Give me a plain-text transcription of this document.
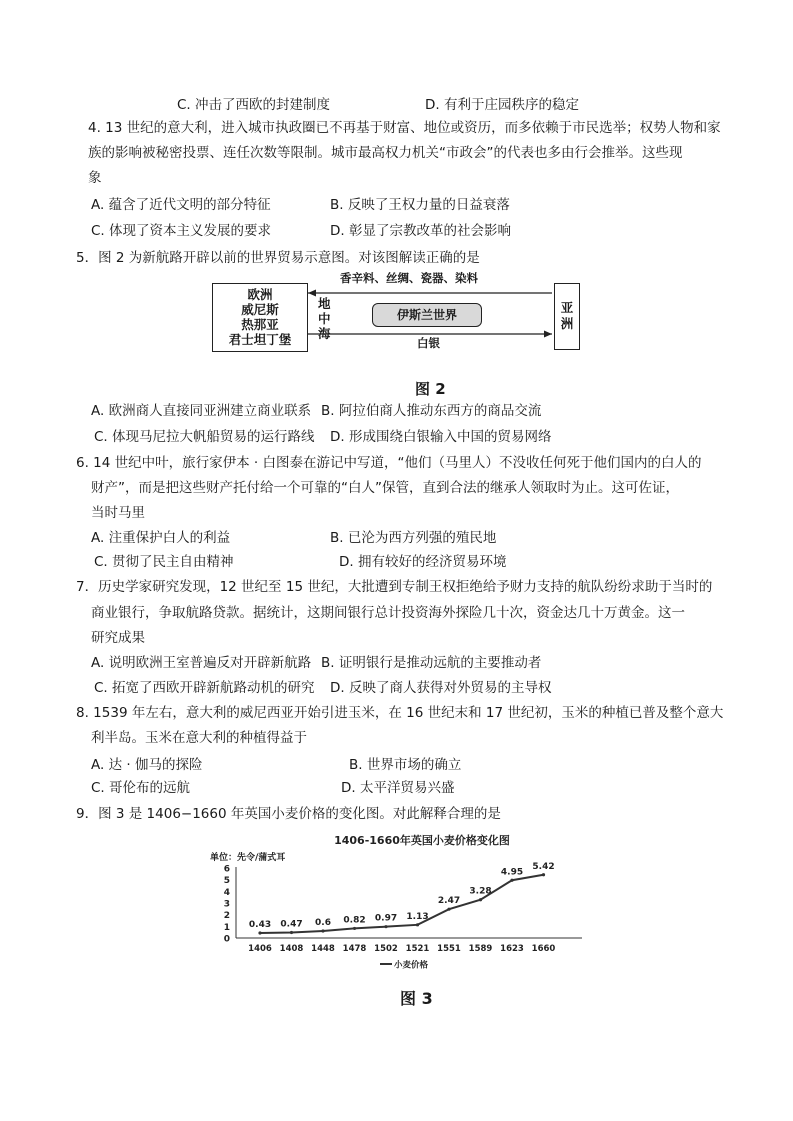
C. 冲击了西欧的封建制度	D. 有利于庄园秩序的稳定
4. 13 世纪的意大利，进入城市执政圈已不再基于财富、地位或资历，而多依赖于市民选举；权势人物和家
族的影响被秘密投票、连任次数等限制。城市最高权力机关“市政会”的代表也多由行会推举。这些现
象
A. 蕴含了近代文明的部分特征	B. 反映了王权力量的日益衰落
C. 体现了资本主义发展的要求	D. 彰显了宗教改革的社会影响
5．图 2 为新航路开辟以前的世界贸易示意图。对该图解读正确的是
欧洲
威尼斯
热那亚
君士坦丁堡
地
中
海
伊斯兰世界	亚
洲
香辛料、丝绸、瓷器、染料
白银
图 2
A. 欧洲商人直接同亚洲建立商业联系 B. 阿拉伯商人推动东西方的商品交流
C. 体现马尼拉大帆船贸易的运行路线 D. 形成围绕白银输入中国的贸易网络
6. 14 世纪中叶，旅行家伊本 · 白图泰在游记中写道，“他们（马里人）不没收任何死于他们国内的白人的
财产”，而是把这些财产托付给一个可靠的“白人”保管，直到合法的继承人领取时为止。这可佐证，
当时马里
A. 注重保护白人的利益	B. 已沦为西方列强的殖民地
C. 贯彻了民主自由精神	D. 拥有较好的经济贸易环境
7．历史学家研究发现，12 世纪至 15 世纪，大批遭到专制王权拒绝给予财力支持的航队纷纷求助于当时的
商业银行，争取航路贷款。据统计，这期间银行总计投资海外探险几十次，资金达几十万黄金。这一
研究成果
A. 说明欧洲王室普遍反对开辟新航路 B. 证明银行是推动远航的主要推动者
C. 拓宽了西欧开辟新航路动机的研究 D. 反映了商人获得对外贸易的主导权
8. 1539 年左右，意大利的威尼西亚开始引进玉米，在 16 世纪末和 17 世纪初，玉米的种植已普及整个意大
利半岛。玉米在意大利的种植得益于
A. 达 · 伽马的探险	B. 世界市场的确立
C. 哥伦布的远航	D. 太平洋贸易兴盛
9．图 3 是 1406−1660 年英国小麦价格的变化图。对此解释合理的是
1406-1660年英国小麦价格变化图
单位：先令/蒲式耳
0
1
2
3
4
5
6
0.43 0.47 0.6 0.82 0.97 1.13
2.47
3.28
4.95
5.42
1406 1408 1448 1478 1502 1521 1551 1589 1623 1660
小麦价格
图 3
